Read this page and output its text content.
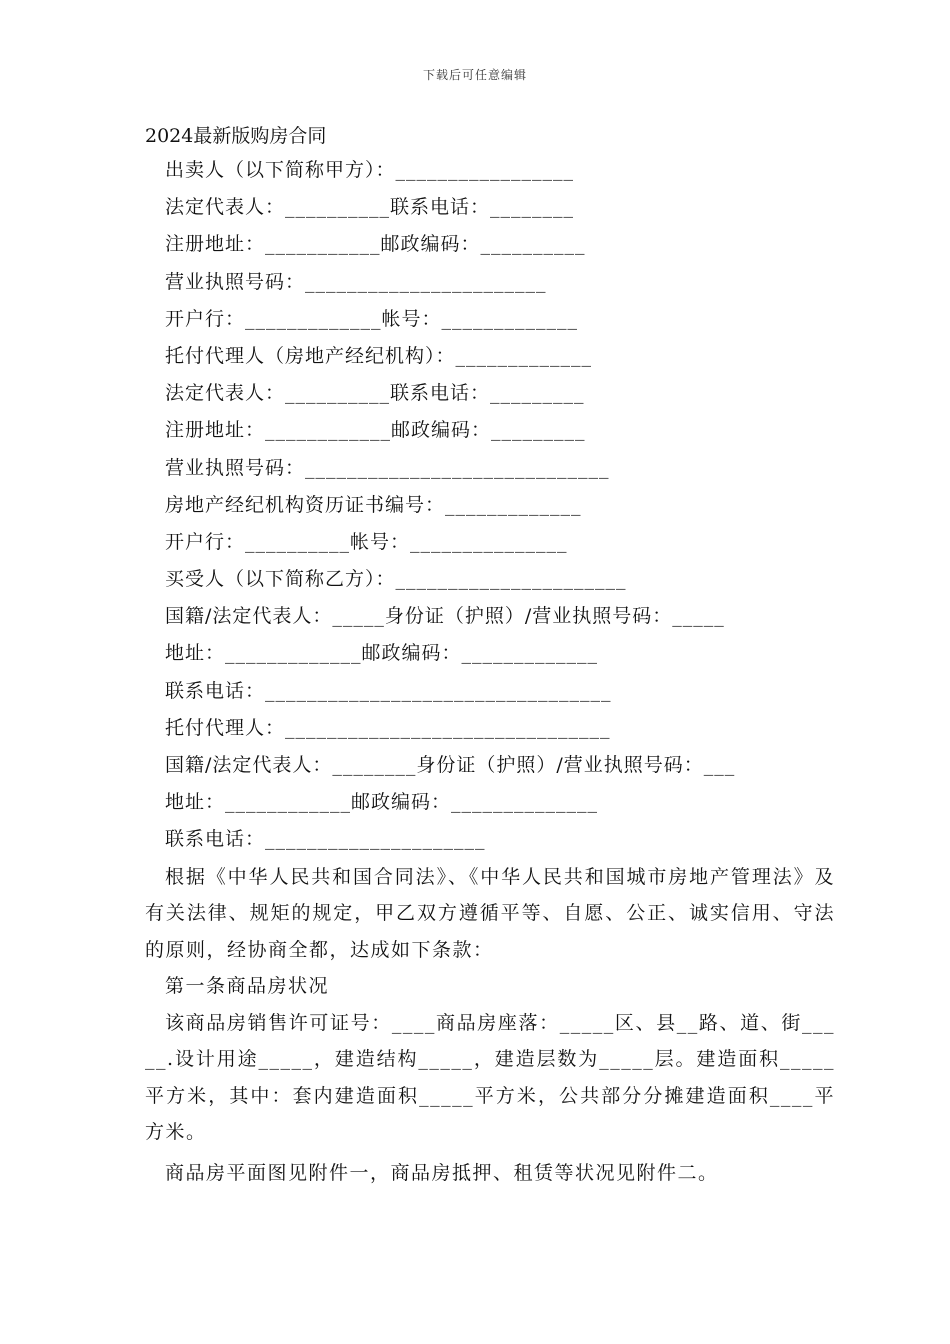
下载后可任意编辑
2024最新版购房合同
出卖人（以下简称甲方）：_________________
法定代表人：__________联系电话：________
注册地址：___________邮政编码：__________
营业执照号码：_______________________
开户行：_____________帐号：_____________
托付代理人（房地产经纪机构）：_____________
法定代表人：__________联系电话：_________
注册地址：____________邮政编码：_________
营业执照号码：_____________________________
房地产经纪机构资历证书编号：_____________
开户行：__________帐号：_______________
买受人（以下简称乙方）：______________________
国籍/法定代表人：_____身份证（护照）/营业执照号码：_____
地址：_____________邮政编码：_____________
联系电话：_________________________________
托付代理人：_______________________________
国籍/法定代表人：________身份证（护照）/营业执照号码：___
地址：____________邮政编码：______________
联系电话：_____________________
根据《中华人民共和国合同法》、《中华人民共和国城市房地产管理法》及有关法律、规矩的规定，甲乙双方遵循平等、自愿、公正、诚实信用、守法的原则，经协商全都，达成如下条款：
第一条商品房状况
该商品房销售许可证号：____商品房座落：_____区、县__路、道、街_____.设计用途_____，建造结构_____，建造层数为_____层。建造面积_____平方米，其中：套内建造面积_____平方米，公共部分分摊建造面积____平方米。
商品房平面图见附件一，商品房抵押、租赁等状况见附件二。
